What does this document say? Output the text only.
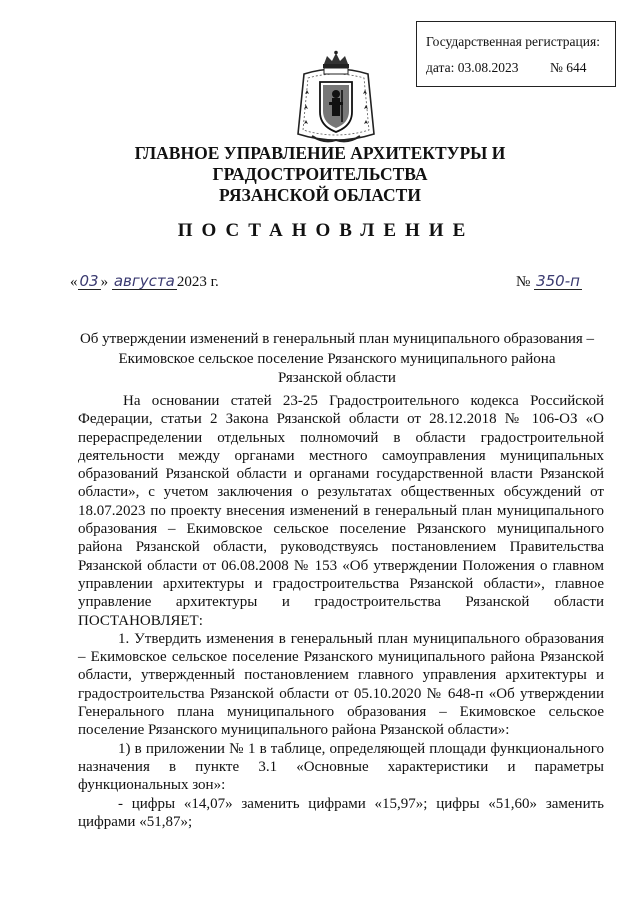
Государственная регистрация:
дата: 03.08.2023 № 644
ГЛАВНОЕ УПРАВЛЕНИЕ АРХИТЕКТУРЫ И ГРАДОСТРОИТЕЛЬСТВА
РЯЗАНСКОЙ ОБЛАСТИ
ПОСТАНОВЛЕНИЕ
« 03 » августа 2023 г.	№ 350-п
Об утверждении изменений в генеральный план муниципального образования –
Екимовское сельское поселение Рязанского муниципального района
Рязанской области

На основании статей 23-25 Градостроительного кодекса Российской Федерации, статьи 2 Закона Рязанской области от 28.12.2018 № 106-ОЗ «О перераспределении отдельных полномочий в области градостроительной деятельности между органами местного самоуправления муниципальных образований Рязанской области и органами государственной власти Рязанской области», с учетом заключения о результатах общественных обсуждений от 18.07.2023 по проекту внесения изменений в генеральный план муниципального образования – Екимовское сельское поселение Рязанского муниципального района Рязанской области, руководствуясь постановлением Правительства Рязанской области от 06.08.2008 № 153 «Об утверждении Положения о главном управлении архитектуры и градостроительства Рязанской области», главное управление архитектуры и градостроительства Рязанской области ПОСТАНОВЛЯЕТ:

1. Утвердить изменения в генеральный план муниципального образования – Екимовское сельское поселение Рязанского муниципального района Рязанской области, утвержденный постановлением главного управления архитектуры и градостроительства Рязанской области от 05.10.2020 № 648-п «Об утверждении Генерального плана муниципального образования – Екимовское сельское поселение Рязанского муниципального района Рязанской области»:

1) в приложении № 1 в таблице, определяющей площади функционального назначения в пункте 3.1 «Основные характеристики и параметры функциональных зон»:

- цифры «14,07» заменить цифрами «15,97»; цифры «51,60» заменить цифрами «51,87»;
